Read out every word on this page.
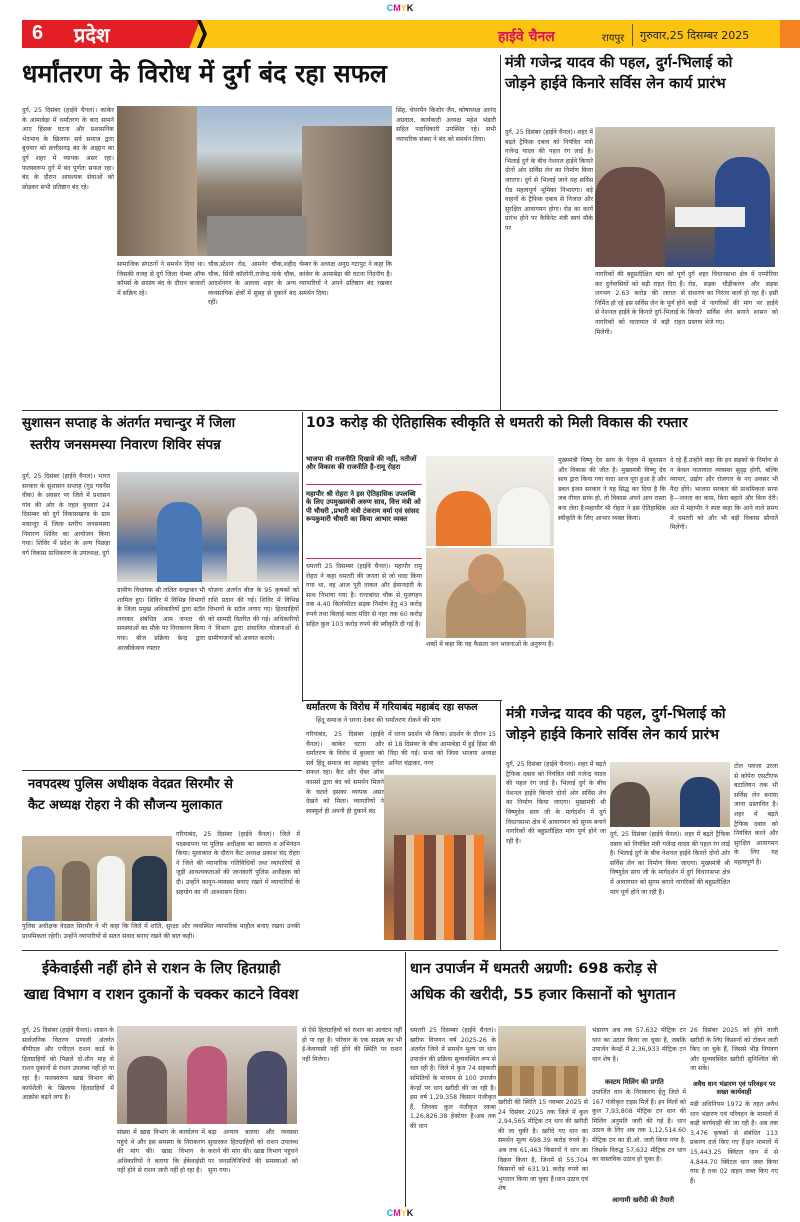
CMYK
6 प्रदेश	हाईवे चैनल	रायपुर गुरुवार,25 दिसम्बर 2025
धर्मांतरण के विरोध में दुर्ग बंद रहा सफल
दुर्ग, 25 दिसंबर (हाईवे चैनल)। कांकेर के आमाबेड़ा में धर्मांतरण के बाद सामने आए हिंसक घटना और प्रशासनिक भेदभाव के खिलाफ सर्व समाज द्वारा बुधवार को छत्तीसगढ़ बंद के आह्वान का दुर्ग शहर में व्यापक असर रहा। फलस्वरूप दुर्ग में बंद पूर्णतः सफल रहा। बंद के दौरान आवश्यक सेवाओं को छोड़कर सभी प्रतिष्ठान बंद रहे।
सामाजिक संगठनों ने समर्थन दिया था। जिसकी वजह से दुर्ग जिला चेम्बर ऑफ कॉमर्स के सदस्य बंद के दौरान बाजारों में सक्रिय रहे।
चौक,स्टेशन रोड, आमनेर चौक,शहीद चौक, सिंधी कॉलोनी,राजेन्द्र पार्क चौक, आदर्शनगर के अलावा शहर के अन्य व्यवसायिक क्षेत्रों में सुबह से दुकानें बंद रहीं।
चेम्बर के अध्यक्ष अनुग्र गटापुट ने कहा कि कांकेर के आमाबेड़ा की घटना निंदनीय है। व्यापारियों ने अपने प्रतिष्ठान बंद रखकर समर्थन दिया।
सिंह, चेयरमैन किशोर जैन, कोषाध्यक्ष आनंद अग्रवाल, कार्यकारी अध्यक्ष महेश भंडारी सहित पदाधिकारी उपस्थित रहे। सभी व्यापारिक संस्था ने बंद को समर्थन दिया।
मंत्री गजेन्द्र यादव की पहल, दुर्ग-भिलाई को
जोड़ने हाईवे किनारे सर्विस लेन कार्य प्रारंभ
दुर्ग, 25 दिसंबर (हाईवे चैनल)। शहर में बढ़ते ट्रैफिक दबाव को नियंत्रित मंत्री गजेन्द्र यादव की पहल रंग लाई है। भिलाई दुर्ग के बीच नेशनल हाईवे किनारे दोनों ओर सर्विस लेन का निर्माण किया जाएगा। दुर्ग से भिलाई जाने यह सर्विस रोड महत्वपूर्ण भूमिका निभाएगा। बड़े वाहनों के ट्रैफिक दबाव से निजात और सुरक्षित आवागमन होगा। रोड का कार्य प्रारंभ होने पर कैबिनेट मंत्री स्वयं मौके पर
नागरिकों की बहुप्रतीक्षित मांग को पूर्ण कर दुर्गवासियों को बड़ी राहत दिए हैं। लगभग 2.63 करोड़ की लागत से निर्मित हो रहे इस सर्विस लेन के पूर्ण होने से नेशनल हाईवे के किनारे दुर्ग-भिलाई के नागरिकों को यातायात में बड़ी राहत मिलेगी।
दुर्ग शहर विधानसभा क्षेत्र में एम्पोरिया रोड, सड़क चौड़ीकरण और सड़क संधारण का निरंतर कार्य हो रहा है। इसी कड़ी में नागरिकों की मांग पर हाईवे किनारे सर्विस लेन बनाने शासन को प्रस्ताव भेजे गए।
सुशासन सप्ताह के अंतर्गत मचान्दुर में जिला
स्तरीय जनसमस्या निवारण शिविर संपन्न
दुर्ग, 25 दिसंबर (हाईवे चैनल)। भारत सरकार के सुशासन सप्ताह (गुड गवर्नेंस वीक) के अवसर पर जिले में प्रशासन गांव की ओर के तहत बुधवार 24 दिसम्बर को दुर्ग विकासखण्ड के ग्राम मचान्दुर में जिला स्तरीय जनसमस्या निवारण शिविर का आयोजन किया गया। शिविर में प्रदेश के अन्य पिछड़ा वर्ग विकास प्राधिकरण के उपाध्यक्ष, दुर्ग
ग्रामीण विधायक श्री ललित चन्द्राकर भी शामिल हुए। शिविर में विभिन्न विभागों के जिला प्रमुख अधिकारियों द्वारा स्टॉल लगाकर संबंधित आम जनता की समस्याओं का मौके पर निराकरण किया गया। बीज प्रक्रिया केन्द्र द्वारा आरबीकेवाय रफ्तार
योजना अंतर्गत बीज के 95 कृषकों को राशि प्रदान की गई। शिविर में विभिन्न विभागों के स्टॉल लगाए गए। हितग्राहियों को सामग्री वितरित की गई। अधिकारियों ने विभाग द्वारा संचालित योजनाओं से ग्रामीणजनों को अवगत कराये।
103 करोड़ की ऐतिहासिक स्वीकृति से धमतरी को मिली विकास की रफ्तार
भाजपा की राजनीति दिखावे की नहीं, नतीजों और विकास की राजनीति है-रामू रोहरा
महापौर श्री रोहरा ने इस ऐतिहासिक उपलब्धि के लिए उपमुख्यमंत्री अरुण साव, वित्त मंत्री ओ पी चौधरी ,प्रभारी मंत्री टंकराम वर्मा एवं सांसद रूपकुमारी चौधरी का किया आभार व्यक्त
धमतरी 25 दिसम्बर (हाईवे चैनल)। महापौर रामू रोहरा ने कहा धमतरी की जनता से जो वादा किया गया था, वह आज पूरी ताकत और ईमानदारी के साथ निभाया गया है। रत्नाबांधा चौक से मुजगहन तक 4.40 किलोमीटर सड़क निर्माण हेतु 43 करोड़ रुपये तथा बिलाई माता मंदिर से नहर तक 60 करोड़ सहित कुल 103 करोड़ रुपये की स्वीकृति दी गई है।
शब्दों में कहा कि यह फैसला जन भावनाओं के अनुरूप है।
मुख्यमंत्री विष्णु देव साय के नेतृत्व में सुशासन और विकास की जीत है। मुख्यमंत्री विष्णु देव साय द्वारा किया गया वादा आज पूरा हुआ है और डबल इंजन सरकार ने यह सिद्ध कर दिया है कि जब नीयत साफ हो, तो विकास अपने आप रास्ता बना लेता है।महापौर श्री रोहरा ने इस ऐतिहासिक स्वीकृति के लिए आभार व्यक्त किया।
दे रहे हैं.उन्होंने कहा कि इन सड़कों के निर्माण से न केवल यातायात व्यवस्था सुदृढ़ होगी, बल्कि व्यापार, उद्योग और रोजगार के नए अवसर भी पैदा होंगे। भाजपा सरकार की प्राथमिकता साफ है—जनता का काम, बिना बहाने और बिना देरी।अंत में महापौर ने स्पष्ट कहा कि आने वाले समय में धमतरी को और भी बड़ी विकास सौगातें मिलेंगी।
नवपदस्थ पुलिस अधीक्षक वेदव्रत सिरमौर से
कैट अध्यक्ष रोहरा ने की सौजन्य मुलाकात
गरियाबंद, 25 दिसंबर (हाईवे चैनल)। जिले में पदस्थापना पर पुलिस अधीक्षक का स्वागत व अभिनंदन किया। मुलाकात के दौरान कैट अध्यक्ष प्रकाश चंद रोहरा ने जिले की व्यापारिक गतिविधियों तथा व्यापारियों से जुड़ी आवश्यकताओं की जानकारी पुलिस अधीक्षक को दी। उन्होंने कानून-व्यवस्था बनाए रखने में व्यापारियों के सहयोग का भी आश्वासन दिया।
पुलिस अधीक्षक वेदव्रत सिरमौर ने भी कहा कि जिले में शांति, सुरक्षा और व्यवस्थित व्यापारिक माहौल बनाए रखना उनकी प्राथमिकता रहेगी। उन्होंने व्यापारियों से सतत संवाद बनाए रखने की बात कही।
धर्मांतरण के विरोध में गरियाबंद महाबंद रहा सफल
हिंदू समाज ने धरना देकर की धर्मांतरण रोकने की मांग
गरियाबंद, 25 दिसंबर (हाईवे चैनल)। कांकेर घटना और धर्मांतरण के विरोध में बुधवार को सर्व हिंदू समाज का महाबंद पूर्णतः सफल रहा। कैट और चेंबर ऑफ कामर्स द्वारा बंद को समर्थन मिलने के चलते इसका व्यापक असर देखने को मिला। व्यापारियों ने स्वस्फूर्त ही अपनी ही दुकानें बंद
में धरना प्रदर्शन भी किया। प्रदर्शन के दौरान 15 से 18 दिसंबर के बीच आमाबेड़ा में हुई हिंसा की निंदा की गई। सभा को जिला भाजपा अध्यक्ष अनिल चंद्राकर, नगर
मंत्री गजेन्द्र यादव की पहल, दुर्ग-भिलाई को
जोड़ने हाईवे किनारे सर्विस लेन कार्य प्रारंभ
दुर्ग, 25 दिसंबर (हाईवे चैनल)। शहर में बढ़ते ट्रैफिक दबाव को नियंत्रित मंत्री गजेन्द्र यादव की पहल रंग लाई है। भिलाई दुर्ग के बीच नेशनल हाईवे किनारे दोनों ओर सर्विस लेन का निर्माण किया जाएगा। मुख्यमंत्री श्री विष्णुदेव साय जी के मार्गदर्शन में दुर्ग विधानसभा क्षेत्र में आवागमन को सुगम बनाने नागरिकों की बहुप्रतीक्षित मांग पूर्ण होने जा रही है।
टोल प्लाजा उरला से कोपेरा एसटीएफ बटालियन तक भी सर्विस लेन बनाया जाना प्रस्तावित है। शहर में बढ़ते ट्रैफिक दबाव को नियंत्रित करने और सुरक्षित आवागमन के लिए यह महत्वपूर्ण है।
दुर्ग, 25 दिसंबर (हाईवे चैनल)। शहर में बढ़ते ट्रैफिक दबाव को नियंत्रित मंत्री गजेन्द्र यादव की पहल रंग लाई है। भिलाई दुर्ग के बीच नेशनल हाईवे किनारे दोनों ओर सर्विस लेन का निर्माण किया जाएगा। मुख्यमंत्री श्री विष्णुदेव साय जी के मार्गदर्शन में दुर्ग विधानसभा क्षेत्र में आवागमन को सुगम बनाने नागरिकों की बहुप्रतीक्षित मांग पूर्ण होने जा रही है।
ईकेवाईसी नहीं होने से राशन के लिए हितग्राही
खाद्य विभाग व राशन दुकानों के चक्कर काटने विवश
दुर्ग, 25 दिसंबर (हाईवे चैनल)। शासन के सार्वजनिक वितरण प्रणाली अंतर्गत बीपीएल और एपीएल राशन कार्ड के हितग्राहियों को पिछले दो-तीन माह से राशन दुकानों से राशन उपलब्ध नहीं हो पा रहा है। फलस्वरूप खाद्य विभाग की कार्यशैली के खिलाफ हितग्राहियों में आक्रोश बढ़ने लगा है।
संख्या में खाद्य विभाग के कार्यालय में पहुंचे थे और इस समस्या के निराकरण की मांग की। खाद्य विभाग के अधिकारियों ने बताया कि ईकेवाईसी नहीं होने से राशन जारी नहीं हो रहा है।
बढ़ा अन्याय बताया और व्यवस्था सुधारकर हितग्राहियों को राशन उपलब्ध कराने की मांग की। खाद्य विभाग पहुंचने पर जनप्रतिनिधियों की समस्याओं को सुना गया।
से ऐसे हितग्राहियों को राशन का आवंटन नहीं हो पा रहा है। परिवार के एक सदस्य का भी ई-केवायसी नहीं होने की स्थिति पर राशन नहीं मिलेगा।
धान उपार्जन में धमतरी अग्रणी: 698 करोड़ से
अधिक की खरीदी, 55 हजार किसानों को भुगतान
धमतरी 25 दिसम्बर (हाईवे चैनल)। खरीफ विपणन वर्ष 2025-26 के अंतर्गत जिले में समर्थन मूल्य पर धान उपार्जन की प्रक्रिया सुव्यवस्थित रूप से चल रही है। जिले में कुल 74 सहकारी समितियों के माध्यम से 100 उपार्जन केन्द्रों पर धान खरीदी की जा रही है। इस वर्ष 1,29,358 किसान पंजीकृत हैं, जिनका कुल पंजीकृत रकबा 1,26,826.38 हेक्टेयर है।अब तक की धान
खरीदी की स्थिति 15 नवम्बर 2025 से 24 दिसंबर 2025 तक जिले में कुल 2,94,565 मीट्रिक टन धान की खरीदी की जा चुकी है। खरीदे गए धान का समर्थन मूल्य 698.39 करोड़ रुपये है। अब तक 61,463 किसानों ने धान का विक्रय किया है, जिनमें से 55,704 किसानों को 631.91 करोड़ रुपये का भुगतान किया जा चुका है।धान उठाव एवं शेष
भंडारण अब तक 57,632 मीट्रिक टन धान का उठाव किया जा चुका है, जबकि उपार्जन केन्द्रों में 2,36,933 मीट्रिक टन धान शेष है।
कस्टम मिलिंग की प्रगति
उपार्जित धान के निराकरण हेतु जिले में 167 पंजीकृत राइस मिलें हैं। इन मिलों को कुल 7,93,808 मीट्रिक टन धान की मिलिंग अनुमति जारी की गई है। धान उठाव के लिए अब तक 1,12,514.60 मीट्रिक टन का डी.ओ. जारी किया गया है, जिसके विरुद्ध 57,632 मीट्रिक टन धान का वास्तविक उठाव हो चुका है।
आगामी खरीदी की तैयारी
26 दिसंबर 2025 को होने वाली खरीदी के लिए किसानों को टोकन जारी किए जा चुके हैं, जिससे भीड़ नियंत्रण और सुव्यवस्थित खरीदी सुनिश्चित की जा सके।
अवैध धान भंडारण एवं परिवहन पर सख्त कार्यवाही
मंडी अधिनियम 1972 के तहत अवैध धान भंडारण एवं परिवहन के मामलों में कड़ी कार्यवाही की जा रही है। अब तक 3,476 कृषकों से संबंधित 113 प्रकरण दर्ज किए गए हैं।इन मामलों में 15,443.25 क्विंटल धान में से 4,844.70 क्विंटल धान जब्त किया गया है तथा 02 वाहन जब्त किए गए हैं।
CMYK
